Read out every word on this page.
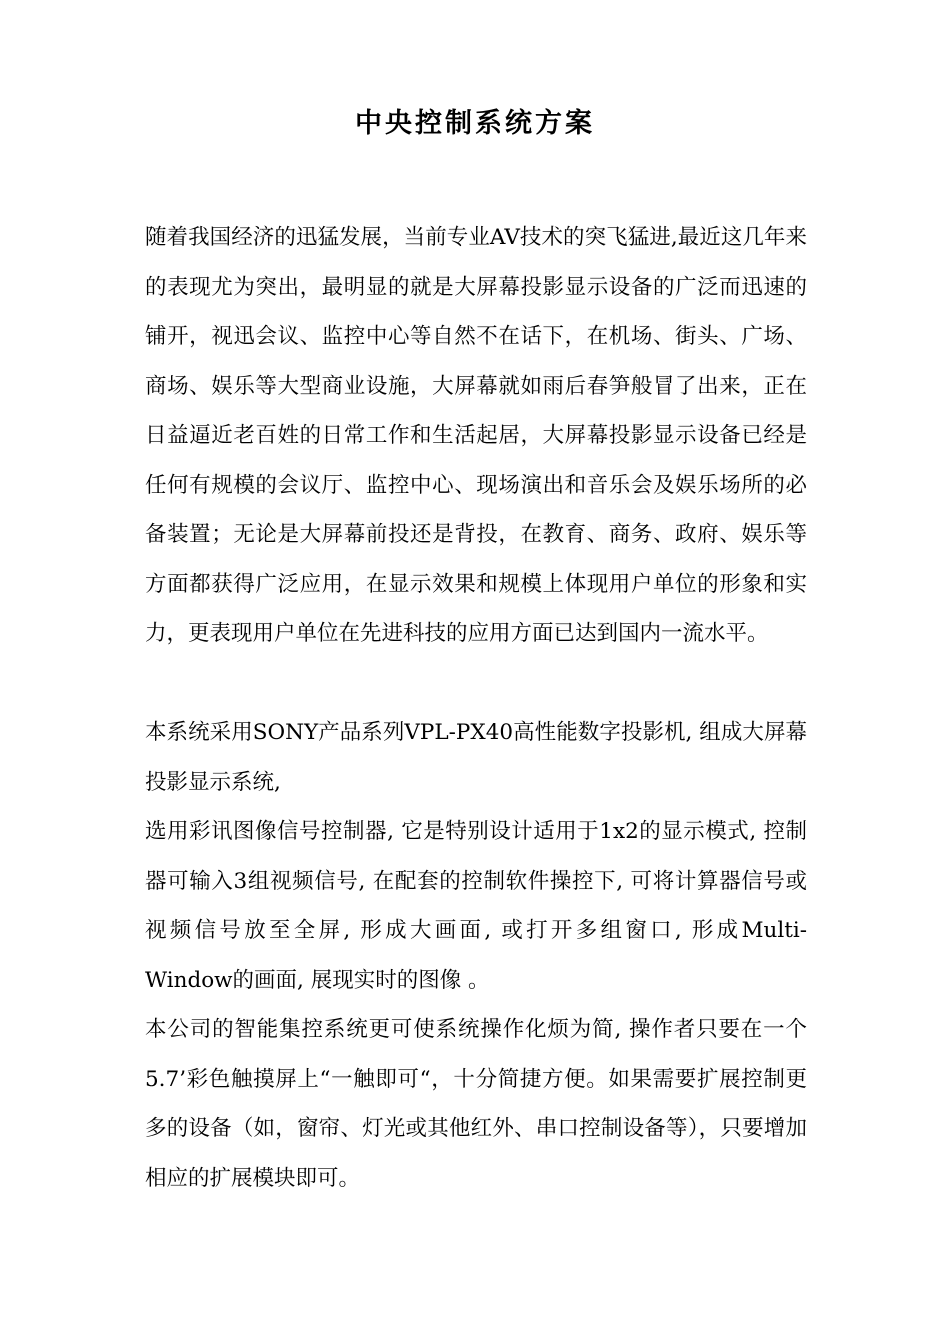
中央控制系统方案

随着我国经济的迅猛发展，当前专业AV技术的突飞猛进,最近这几年来的表现尤为突出，最明显的就是大屏幕投影显示设备的广泛而迅速的铺开，视迅会议、监控中心等自然不在话下，在机场、街头、广场、商场、娱乐等大型商业设施，大屏幕就如雨后春笋般冒了出来，正在日益逼近老百姓的日常工作和生活起居，大屏幕投影显示设备已经是任何有规模的会议厅、监控中心、现场演出和音乐会及娱乐场所的必备装置；无论是大屏幕前投还是背投，在教育、商务、政府、娱乐等方面都获得广泛应用，在显示效果和规模上体现用户单位的形象和实力，更表现用户单位在先进科技的应用方面已达到国内一流水平。

本系统采用SONY产品系列VPL-PX40高性能数字投影机, 组成大屏幕投影显示系统,

选用彩讯图像信号控制器, 它是特别设计适用于1x2的显示模式, 控制器可输入3组视频信号, 在配套的控制软件操控下, 可将计算器信号或视频信号放至全屏, 形成大画面, 或打开多组窗口, 形成Multi-Window的画面, 展现实时的图像 。

本公司的智能集控系统更可使系统操作化烦为简, 操作者只要在一个5.7’彩色触摸屏上“一触即可“，十分简捷方便。如果需要扩展控制更多的设备（如，窗帘、灯光或其他红外、串口控制设备等），只要增加相应的扩展模块即可。
